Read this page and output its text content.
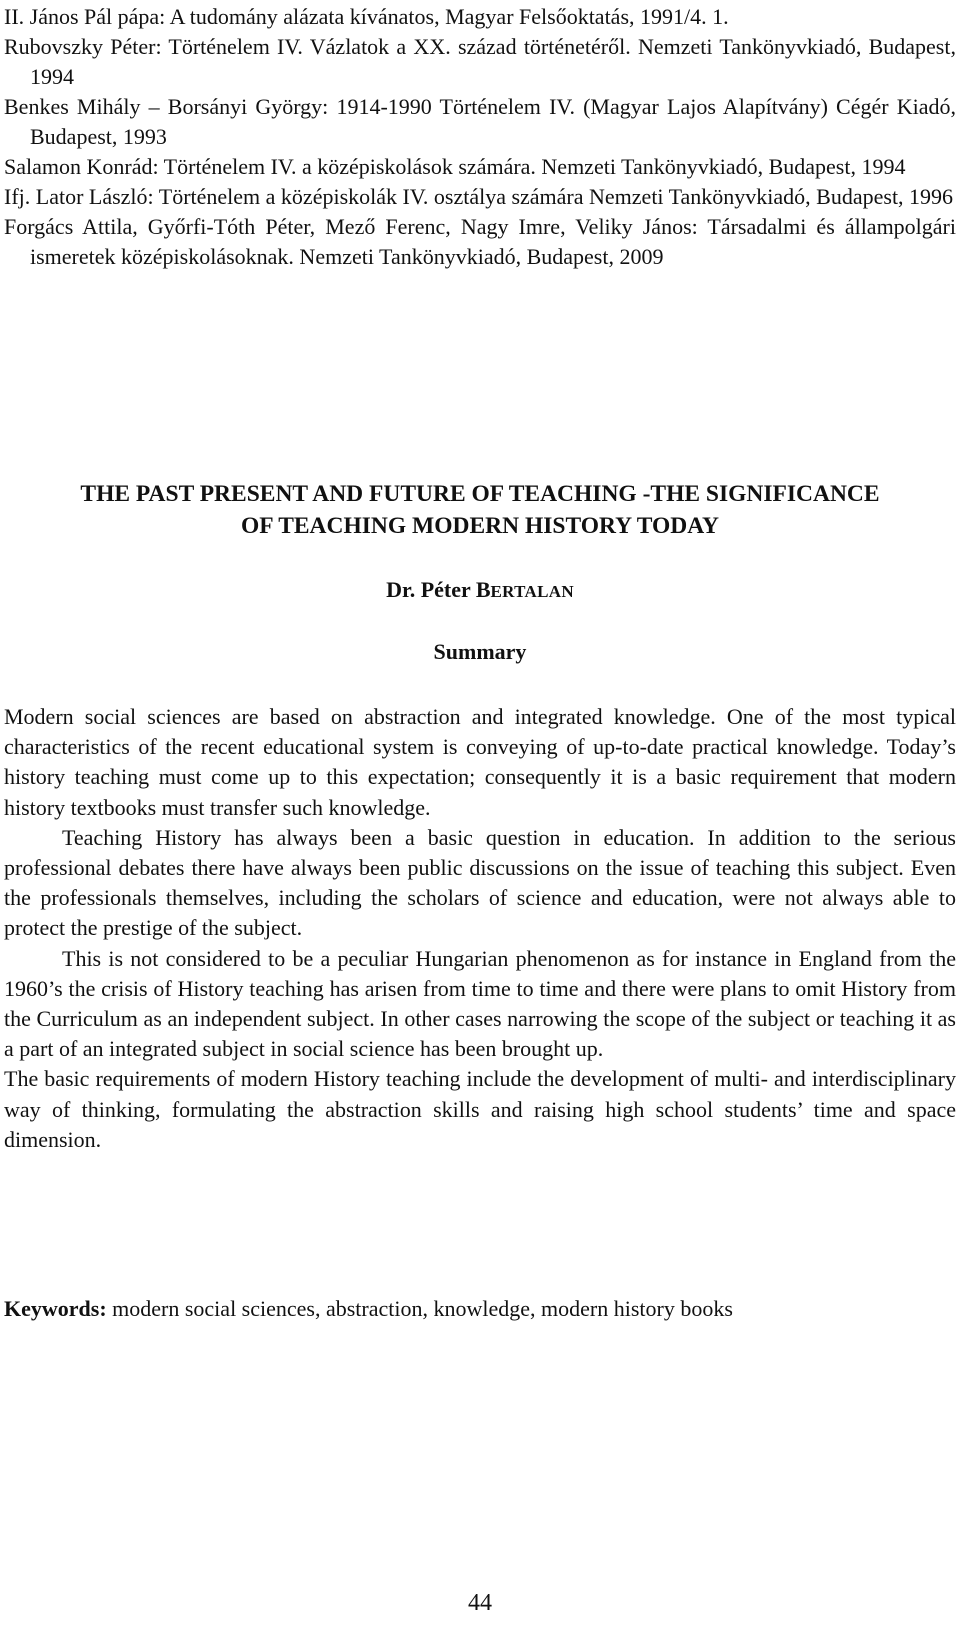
II. János Pál pápa: A tudomány alázata kívánatos, Magyar Felsőoktatás, 1991/4. 1.

Rubovszky Péter: Történelem IV. Vázlatok a XX. század történetéről. Nemzeti Tankönyvkiadó, Budapest, 1994

Benkes Mihály – Borsányi György: 1914-1990 Történelem IV. (Magyar Lajos Alapítvány) Cégér Kiadó, Budapest, 1993

Salamon Konrád: Történelem IV. a középiskolások számára. Nemzeti Tankönyvkiadó, Budapest, 1994

Ifj. Lator László: Történelem a középiskolák IV. osztálya számára Nemzeti Tankönyvkiadó, Budapest, 1996

Forgács Attila, Győrfi-Tóth Péter, Mező Ferenc, Nagy Imre, Veliky János: Társadalmi és állampolgári ismeretek középiskolásoknak. Nemzeti Tankönyvkiadó, Budapest, 2009

THE PAST PRESENT AND FUTURE OF TEACHING -THE SIGNIFICANCE
OF TEACHING MODERN HISTORY TODAY
Dr. Péter BERTALAN
Summary

Modern social sciences are based on abstraction and integrated knowledge. One of the most typical characteristics of the recent educational system is conveying of up-to-date practical knowledge. Today’s history teaching must come up to this expectation; consequently it is a basic requirement that modern history textbooks must transfer such knowledge.

Teaching History has always been a basic question in education. In addition to the serious professional debates there have always been public discussions on the issue of teaching this subject. Even the professionals themselves, including the scholars of science and education, were not always able to protect the prestige of the subject.

This is not considered to be a peculiar Hungarian phenomenon as for instance in England from the 1960’s the crisis of History teaching has arisen from time to time and there were plans to omit History from the Curriculum as an independent subject. In other cases narrowing the scope of the subject or teaching it as a part of an integrated subject in social science has been brought up.

The basic requirements of modern History teaching include the development of multi- and interdisciplinary way of thinking, formulating the abstraction skills and raising high school students’ time and space dimension.

Keywords: modern social sciences, abstraction, knowledge, modern history books
44
